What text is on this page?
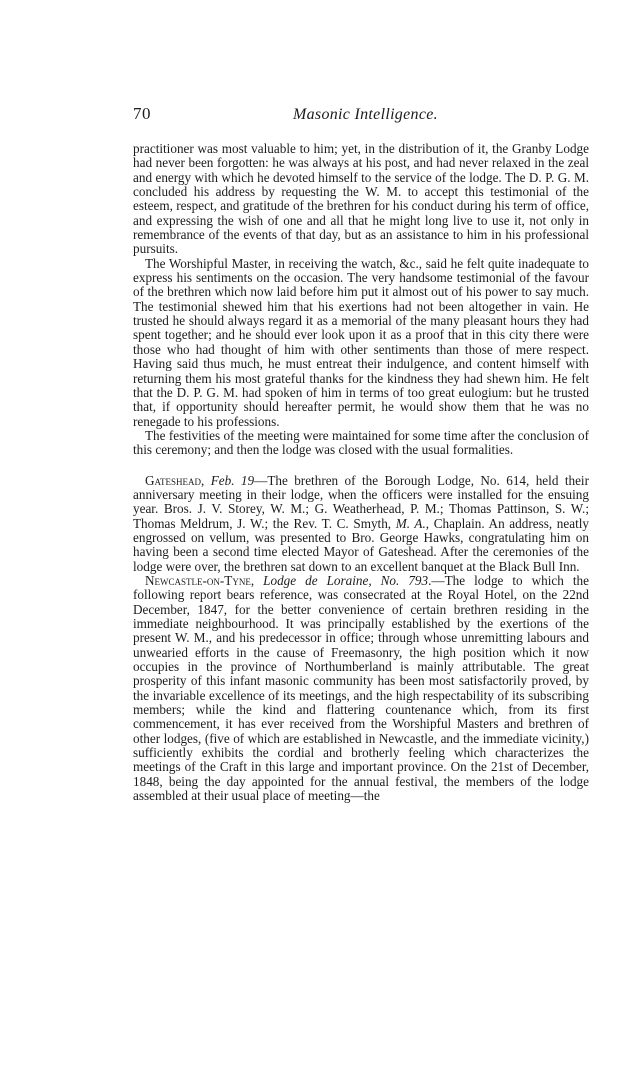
70	Masonic Intelligence.

practitioner was most valuable to him; yet, in the distribution of it, the Granby Lodge had never been forgotten: he was always at his post, and had never relaxed in the zeal and energy with which he devoted himself to the service of the lodge. The D. P. G. M. concluded his address by requesting the W. M. to accept this testimonial of the esteem, respect, and gratitude of the brethren for his conduct during his term of office, and expressing the wish of one and all that he might long live to use it, not only in remembrance of the events of that day, but as an assistance to him in his professional pursuits.

The Worshipful Master, in receiving the watch, &c., said he felt quite inadequate to express his sentiments on the occasion. The very handsome testimonial of the favour of the brethren which now laid before him put it almost out of his power to say much. The testimonial shewed him that his exertions had not been altogether in vain. He trusted he should always regard it as a memorial of the many pleasant hours they had spent together; and he should ever look upon it as a proof that in this city there were those who had thought of him with other sentiments than those of mere respect. Having said thus much, he must entreat their indulgence, and content himself with returning them his most grateful thanks for the kindness they had shewn him. He felt that the D. P. G. M. had spoken of him in terms of too great eulogium: but he trusted that, if opportunity should hereafter permit, he would show them that he was no renegade to his professions.

The festivities of the meeting were maintained for some time after the conclusion of this ceremony; and then the lodge was closed with the usual formalities.

Gateshead, Feb. 19—The brethren of the Borough Lodge, No. 614, held their anniversary meeting in their lodge, when the officers were installed for the ensuing year. Bros. J. V. Storey, W. M.; G. Weatherhead, P. M.; Thomas Pattinson, S. W.; Thomas Meldrum, J. W.; the Rev. T. C. Smyth, M. A., Chaplain. An address, neatly engrossed on vellum, was presented to Bro. George Hawks, congratulating him on having been a second time elected Mayor of Gateshead. After the ceremonies of the lodge were over, the brethren sat down to an excellent banquet at the Black Bull Inn.

Newcastle-on-Tyne, Lodge de Loraine, No. 793.—The lodge to which the following report bears reference, was consecrated at the Royal Hotel, on the 22nd December, 1847, for the better convenience of certain brethren residing in the immediate neighbourhood. It was principally established by the exertions of the present W. M., and his predecessor in office; through whose unremitting labours and unwearied efforts in the cause of Freemasonry, the high position which it now occupies in the province of Northumberland is mainly attributable. The great prosperity of this infant masonic community has been most satisfactorily proved, by the invariable excellence of its meetings, and the high respectability of its subscribing members; while the kind and flattering countenance which, from its first commencement, it has ever received from the Worshipful Masters and brethren of other lodges, (five of which are established in Newcastle, and the immediate vicinity,) sufficiently exhibits the cordial and brotherly feeling which characterizes the meetings of the Craft in this large and important province. On the 21st of December, 1848, being the day appointed for the annual festival, the members of the lodge assembled at their usual place of meeting—the
